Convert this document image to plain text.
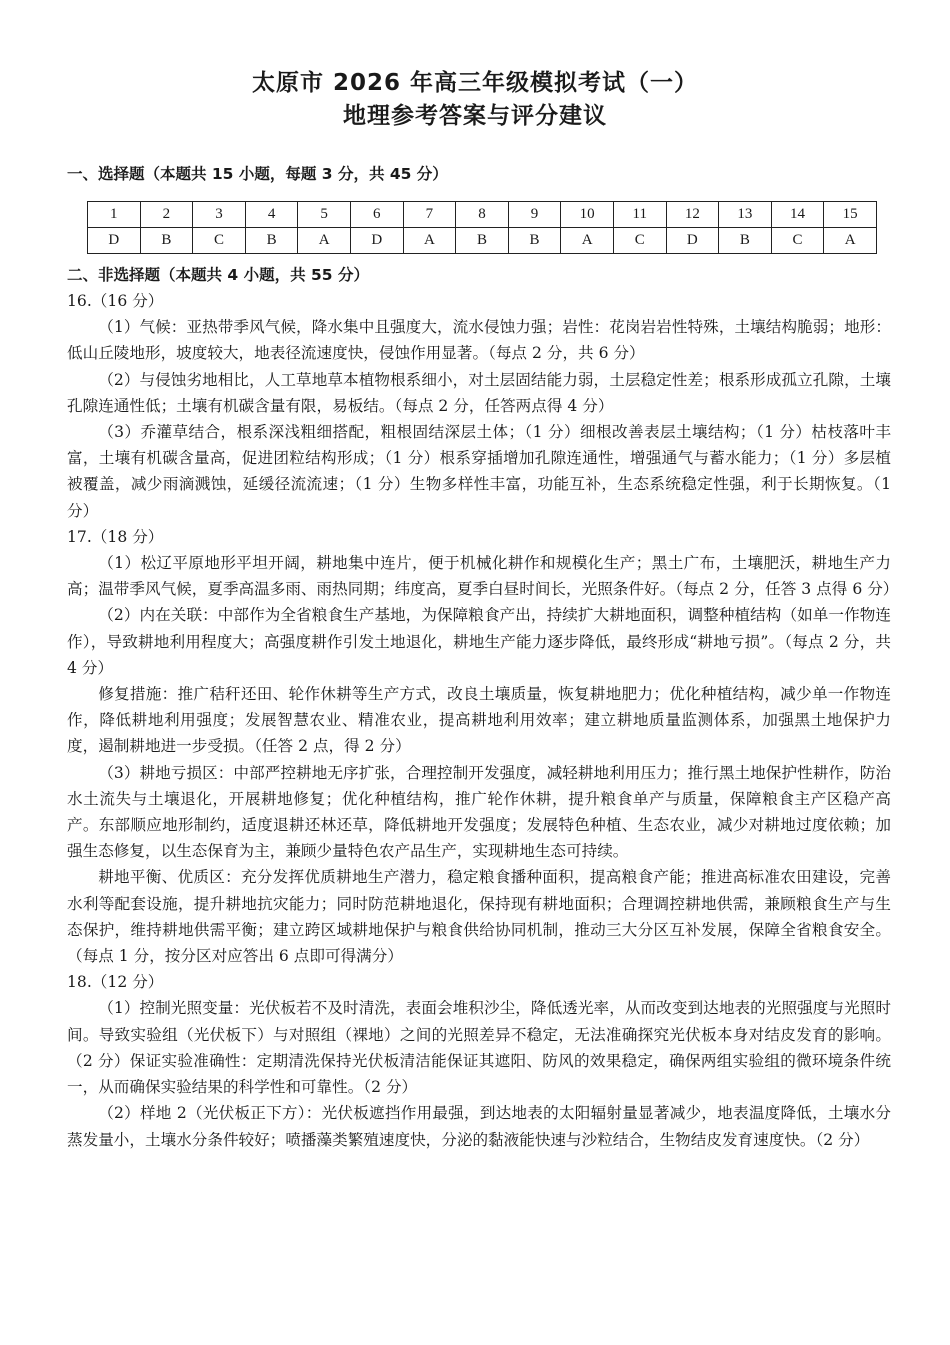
太原市 2026 年高三年级模拟考试（一）
地理参考答案与评分建议
一、选择题（本题共 15 小题，每题 3 分，共 45 分）
1	2	3	4	5	6	7	8	9	10	11	12	13	14	15
D	B	C	B	A	D	A	B	B	A	C	D	B	C	A
二、非选择题（本题共 4 小题，共 55 分）

16.（16 分）

（1）气候：亚热带季风气候，降水集中且强度大，流水侵蚀力强；岩性：花岗岩岩性特殊，土壤结构脆弱；地形：低山丘陵地形，坡度较大，地表径流速度快，侵蚀作用显著。（每点 2 分，共 6 分）

（2）与侵蚀劣地相比，人工草地草本植物根系细小，对土层固结能力弱，土层稳定性差；根系形成孤立孔隙，土壤孔隙连通性低；土壤有机碳含量有限，易板结。（每点 2 分，任答两点得 4 分）

（3）乔灌草结合，根系深浅粗细搭配，粗根固结深层土体；（1 分）细根改善表层土壤结构；（1 分）枯枝落叶丰富，土壤有机碳含量高，促进团粒结构形成；（1 分）根系穿插增加孔隙连通性，增强通气与蓄水能力；（1 分）多层植被覆盖，减少雨滴溅蚀，延缓径流流速；（1 分）生物多样性丰富，功能互补，生态系统稳定性强，利于长期恢复。（1 分）

17.（18 分）

（1）松辽平原地形平坦开阔，耕地集中连片，便于机械化耕作和规模化生产；黑土广布，土壤肥沃，耕地生产力高；温带季风气候，夏季高温多雨、雨热同期；纬度高，夏季白昼时间长，光照条件好。（每点 2 分，任答 3 点得 6 分）

（2）内在关联：中部作为全省粮食生产基地，为保障粮食产出，持续扩大耕地面积，调整种植结构（如单一作物连作），导致耕地利用程度大；高强度耕作引发土地退化，耕地生产能力逐步降低，最终形成“耕地亏损”。（每点 2 分，共 4 分）

修复措施：推广秸秆还田、轮作休耕等生产方式，改良土壤质量，恢复耕地肥力；优化种植结构，减少单一作物连作，降低耕地利用强度；发展智慧农业、精准农业，提高耕地利用效率；建立耕地质量监测体系，加强黑土地保护力度，遏制耕地进一步受损。（任答 2 点，得 2 分）

（3）耕地亏损区：中部严控耕地无序扩张，合理控制开发强度，减轻耕地利用压力；推行黑土地保护性耕作，防治水土流失与土壤退化，开展耕地修复；优化种植结构，推广轮作休耕，提升粮食单产与质量，保障粮食主产区稳产高产。东部顺应地形制约，适度退耕还林还草，降低耕地开发强度；发展特色种植、生态农业，减少对耕地过度依赖；加强生态修复，以生态保育为主，兼顾少量特色农产品生产，实现耕地生态可持续。

耕地平衡、优质区：充分发挥优质耕地生产潜力，稳定粮食播种面积，提高粮食产能；推进高标准农田建设，完善水利等配套设施，提升耕地抗灾能力；同时防范耕地退化，保持现有耕地面积；合理调控耕地供需，兼顾粮食生产与生态保护，维持耕地供需平衡；建立跨区域耕地保护与粮食供给协同机制，推动三大分区互补发展，保障全省粮食安全。（每点 1 分，按分区对应答出 6 点即可得满分）

18.（12 分）

（1）控制光照变量：光伏板若不及时清洗，表面会堆积沙尘，降低透光率，从而改变到达地表的光照强度与光照时间。导致实验组（光伏板下）与对照组（裸地）之间的光照差异不稳定，无法准确探究光伏板本身对结皮发育的影响。（2 分）保证实验准确性：定期清洗保持光伏板清洁能保证其遮阳、防风的效果稳定，确保两组实验组的微环境条件统一，从而确保实验结果的科学性和可靠性。（2 分）

（2）样地 2（光伏板正下方）：光伏板遮挡作用最强，到达地表的太阳辐射量显著减少，地表温度降低，土壤水分蒸发量小，土壤水分条件较好；喷播藻类繁殖速度快，分泌的黏液能快速与沙粒结合，生物结皮发育速度快。（2 分）
